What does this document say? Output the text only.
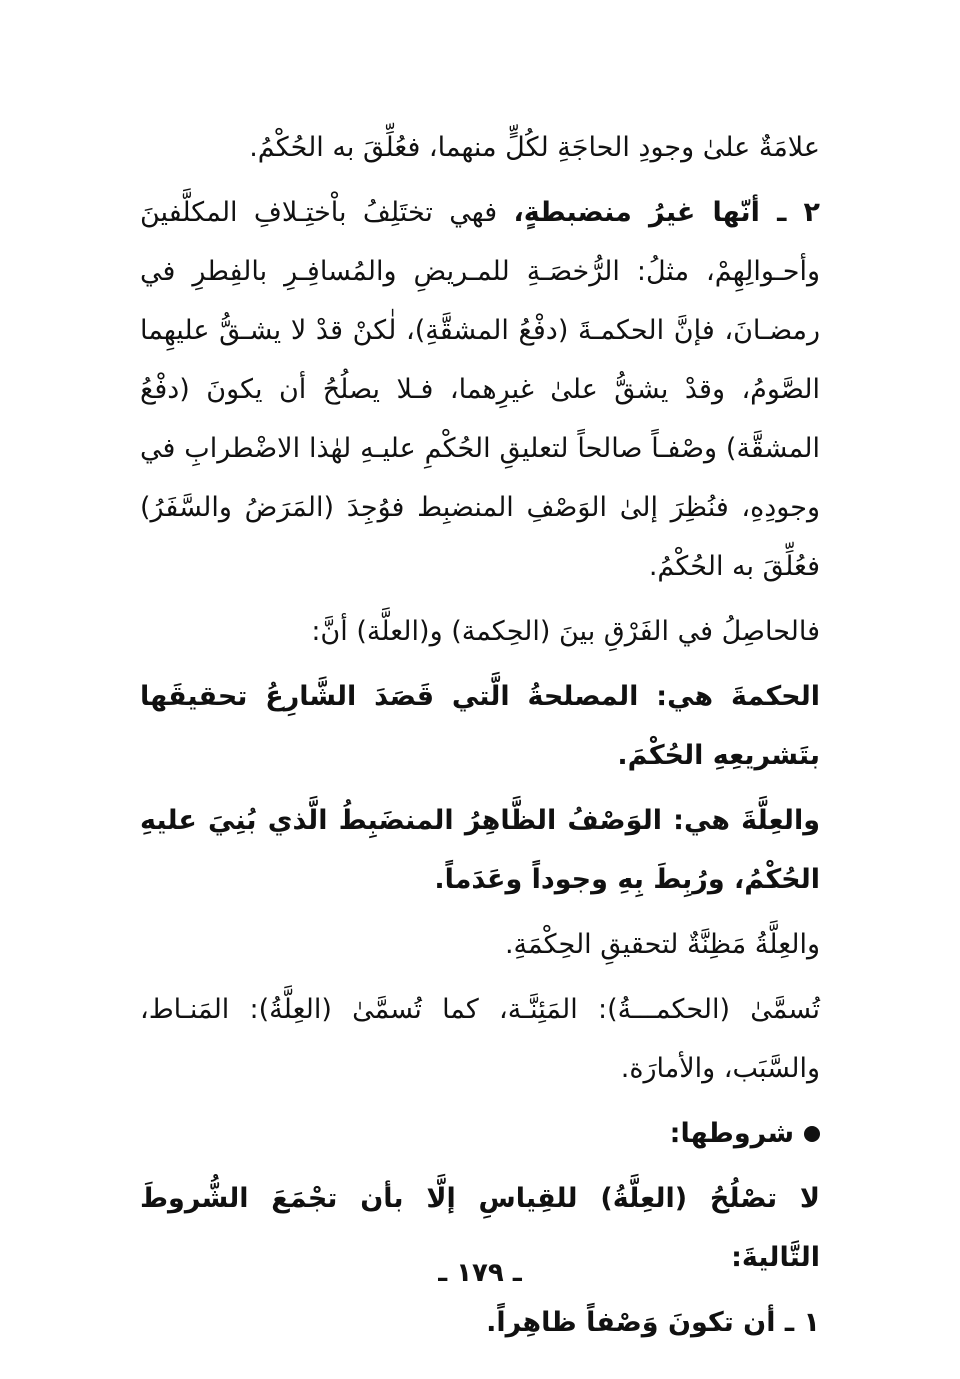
علامَةٌ علىٰ وجودِ الحاجَةِ لكُلٍّ منهما، فعُلِّقَ به الحُكْمُ.

٢ ـ أنّها غيرُ منضبطةٍ، فهي تختَلِفُ باْختِـلافِ المكلَّفينَ وأحـوالِهِمْ، مثلُ: الرُّخصَـةِ للمـريضِ والمُسافِـرِ بالفِطرِ في رمضـانَ، فإنَّ الحكمـةَ (دفْعُ المشقَّةِ)، لٰكنْ قدْ لا يشـقُّ عليهِما الصَّومُ، وقدْ يشقُّ علىٰ غيرِهما، فـلا يصلُحُ أن يكونَ (دفْعُ المشقَّة) وصْفـاً صالحاً لتعليقِ الحُكْمِ عليـهِ لهٰذا الاضْطرابِ في وجودِهِ، فنُظِرَ إلىٰ الوَصْفِ المنضبِط فوُجِدَ (المَرَضُ والسَّفَرُ) فعُلِّقَ به الحُكْمُ.

فالحاصِلُ في الفَرْقِ بينَ (الحِكمة) و(العلَّة) أنَّ:

الحكمةَ هي: المصلحةُ الَّتي قَصَدَ الشَّارِعُ تحقيقَها بتَشريعِهِ الحُكْمَ.

والعِلَّةَ هي: الوَصْفُ الظَّاهِرُ المنضَبِطُ الَّذي بُنِيَ عليهِ الحُكْمُ، ورُبِطَ بِهِ وجوداً وعَدَماً.

والعِلَّةُ مَظِنَّةٌ لتحقيقِ الحِكْمَةِ.

تُسمَّىٰ (الحكمـــةُ): المَئِنَّـة، كما تُسمَّىٰ (العِلَّةُ): المَنـاط، والسَّبَب، والأمارَة.

شروطها:

لا تصْلُحُ (العِلَّةُ) للقِياسِ إلَّا بأن تجْمَعَ الشُّروطَ التَّاليةَ:

١ ـ أن تكونَ وَصْفاً ظاهِراً.

ـ ١٧٩ ـ
